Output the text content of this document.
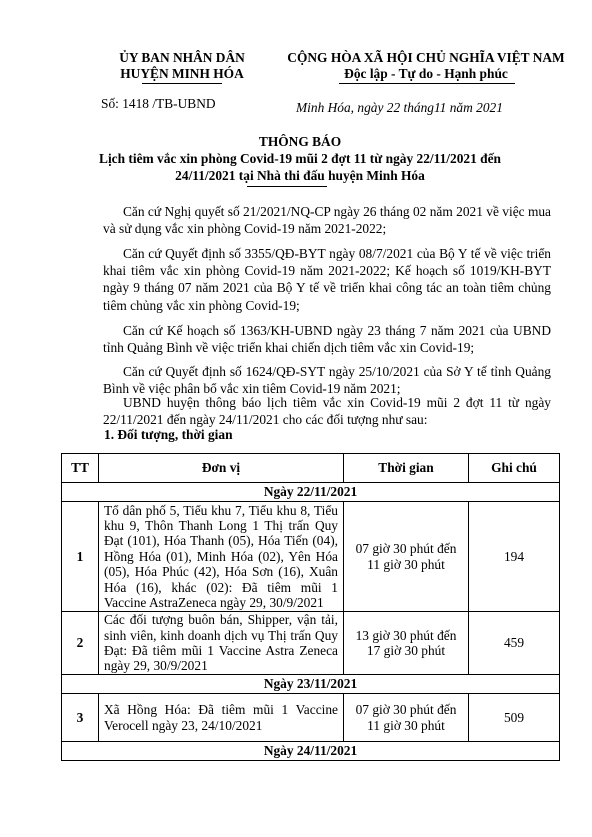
ỦY BAN NHÂN DÂN
HUYỆN MINH HÓA
CỘNG HÒA XÃ HỘI CHỦ NGHĨA VIỆT NAM
Độc lập - Tự do - Hạnh phúc
Số: 1418 /TB-UBND	Minh Hóa, ngày 22 tháng11 năm 2021
THÔNG BÁO
Lịch tiêm vắc xin phòng Covid-19 mũi 2 đợt 11 từ ngày 22/11/2021 đến
24/11/2021 tại Nhà thi đấu huyện Minh Hóa
Căn cứ Nghị quyết số 21/2021/NQ-CP ngày 26 tháng 02 năm 2021 về việc mua và sử dụng vắc xin phòng Covid-19 năm 2021-2022;
Căn cứ Quyết định số 3355/QĐ-BYT ngày 08/7/2021 của Bộ Y tế về việc triển khai tiêm vắc xin phòng Covid-19 năm 2021-2022; Kế hoạch số 1019/KH-BYT ngày 9 tháng 07 năm 2021 của Bộ Y tế về triển khai công tác an toàn tiêm chủng tiêm chủng vắc xin phòng Covid-19;
Căn cứ Kế hoạch số 1363/KH-UBND ngày 23 tháng 7 năm 2021 của UBND tỉnh Quảng Bình về việc triển khai chiến dịch tiêm vắc xin Covid-19;
Căn cứ Quyết định số 1624/QĐ-SYT ngày 25/10/2021 của Sở Y tế tỉnh Quảng Bình về việc phân bổ vắc xin tiêm Covid-19 năm 2021;
UBND huyện thông báo lịch tiêm vắc xin Covid-19 mũi 2 đợt 11 từ ngày 22/11/2021 đến ngày 24/11/2021 cho các đối tượng như sau:
1. Đối tượng, thời gian
TT	Đơn vị	Thời gian	Ghi chú
Ngày 22/11/2021			
1	Tổ dân phố 5, Tiểu khu 7, Tiểu khu 8, Tiểu khu 9, Thôn Thanh Long 1 Thị trấn Quy Đạt (101), Hóa Thanh (05), Hóa Tiến (04), Hồng Hóa (01), Minh Hóa (02), Yên Hóa (05), Hóa Phúc (42), Hóa Sơn (16), Xuân Hóa (16), khác (02): Đã tiêm mũi 1 Vaccine AstraZeneca ngày 29, 30/9/2021	07 giờ 30 phút đến 11 giờ 30 phút	194
2	Các đối tượng buôn bán, Shipper, vận tải, sinh viên, kinh doanh dịch vụ Thị trấn Quy Đạt: Đã tiêm mũi 1 Vaccine Astra Zeneca ngày 29, 30/9/2021	13 giờ 30 phút đến 17 giờ 30 phút	459
Ngày 23/11/2021			
3	Xã Hồng Hóa: Đã tiêm mũi 1 Vaccine Verocell ngày 23, 24/10/2021	07 giờ 30 phút đến 11 giờ 30 phút	509
Ngày 24/11/2021			
